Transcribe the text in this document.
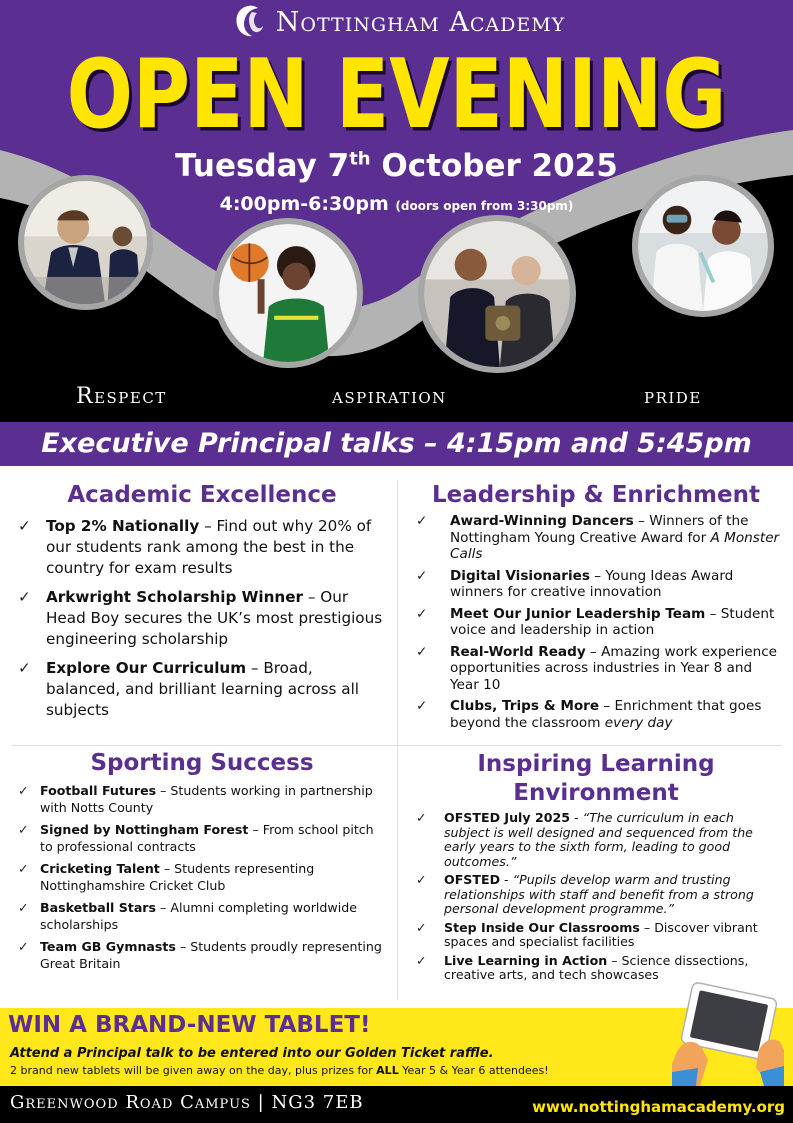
Nottingham Academy
OPEN EVENING
Tuesday 7th October 2025
4:00pm-6:30pm (doors open from 3:30pm)
Respect	aspiration	pride
Executive Principal talks – 4:15pm and 5:45pm
Academic Excellence
✓ Top 2% Nationally – Find out why 20% of our students rank among the best in the country for exam results
✓ Arkwright Scholarship Winner – Our Head Boy secures the UK’s most prestigious engineering scholarship
✓ Explore Our Curriculum – Broad, balanced, and brilliant learning across all subjects
Leadership & Enrichment
✓ Award-Winning Dancers – Winners of the Nottingham Young Creative Award for A Monster Calls
✓ Digital Visionaries – Young Ideas Award winners for creative innovation
✓ Meet Our Junior Leadership Team – Student voice and leadership in action
✓ Real-World Ready – Amazing work experience opportunities across industries in Year 8 and Year 10
✓ Clubs, Trips & More – Enrichment that goes beyond the classroom every day
Sporting Success
✓ Football Futures – Students working in partnership with Notts County
✓ Signed by Nottingham Forest – From school pitch to professional contracts
✓ Cricketing Talent – Students representing Nottinghamshire Cricket Club
✓ Basketball Stars – Alumni completing worldwide scholarships
✓ Team GB Gymnasts – Students proudly representing Great Britain
Inspiring Learning
Environment
✓ OFSTED July 2025 - “The curriculum in each subject is well designed and sequenced from the early years to the sixth form, leading to good outcomes.”
✓ OFSTED - “Pupils develop warm and trusting relationships with staff and benefit from a strong personal development programme.”
✓ Step Inside Our Classrooms – Discover vibrant spaces and specialist facilities
✓ Live Learning in Action – Science dissections, creative arts, and tech showcases
WIN A BRAND-NEW TABLET!
Attend a Principal talk to be entered into our Golden Ticket raffle.
2 brand new tablets will be given away on the day, plus prizes for ALL Year 5 & Year 6 attendees!
Greenwood Road Campus | NG3 7EB	www.nottinghamacademy.org
